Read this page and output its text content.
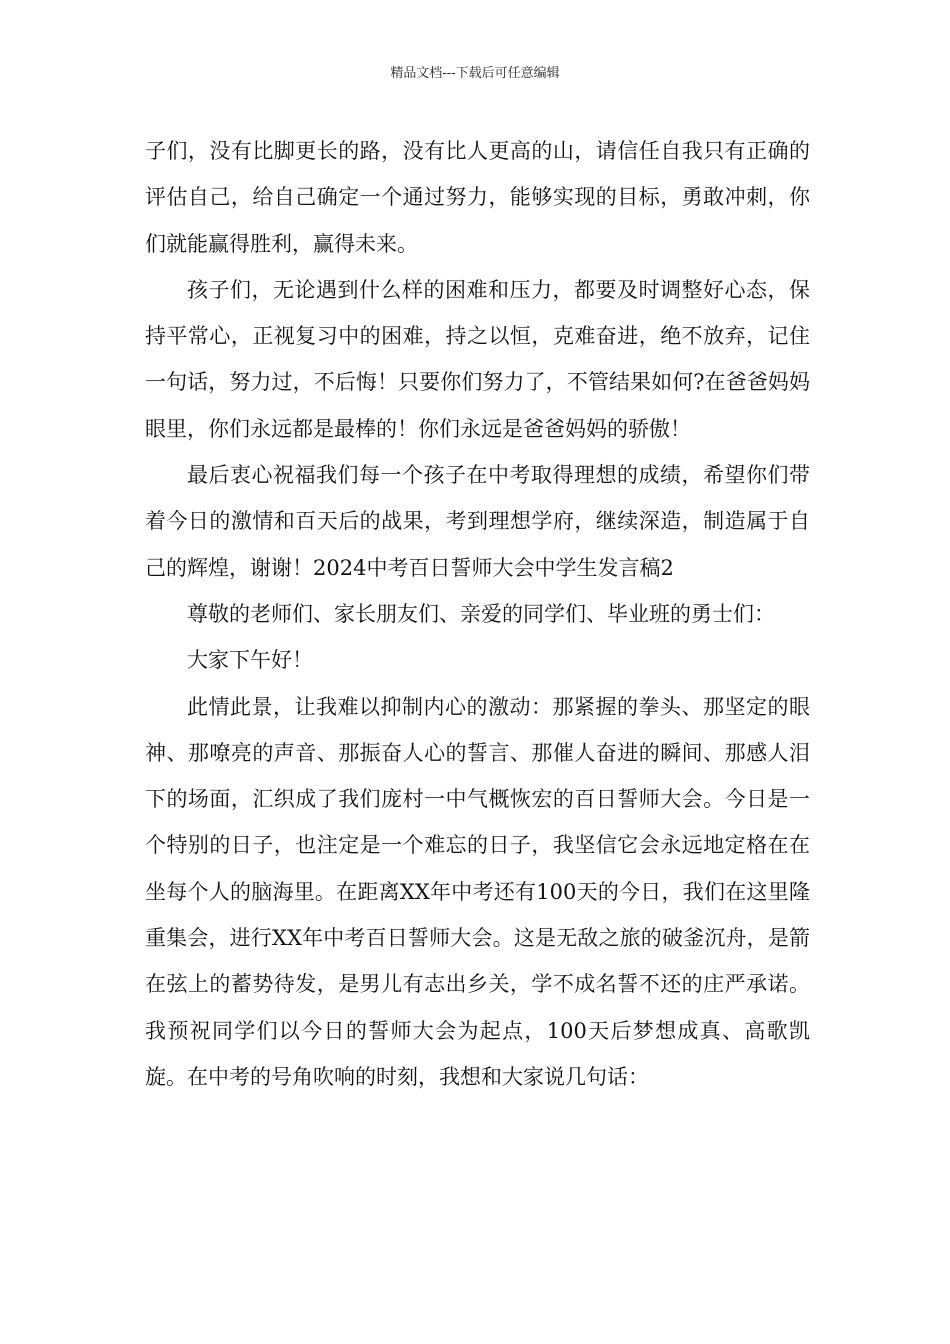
精品文档---下载后可任意编辑

子们，没有比脚更长的路，没有比人更高的山，请信任自我只有正确的评估自己，给自己确定一个通过努力，能够实现的目标，勇敢冲刺，你们就能赢得胜利，赢得未来。

孩子们，无论遇到什么样的困难和压力，都要及时调整好心态，保持平常心，正视复习中的困难，持之以恒，克难奋进，绝不放弃，记住一句话，努力过，不后悔！只要你们努力了，不管结果如何?在爸爸妈妈眼里，你们永远都是最棒的！你们永远是爸爸妈妈的骄傲！

最后衷心祝福我们每一个孩子在中考取得理想的成绩，希望你们带着今日的激情和百天后的战果，考到理想学府，继续深造，制造属于自己的辉煌，谢谢！2024中考百日誓师大会中学生发言稿2

尊敬的老师们、家长朋友们、亲爱的同学们、毕业班的勇士们：

大家下午好！

此情此景，让我难以抑制内心的激动：那紧握的拳头、那坚定的眼神、那嘹亮的声音、那振奋人心的誓言、那催人奋进的瞬间、那感人泪下的场面，汇织成了我们庞村一中气概恢宏的百日誓师大会。今日是一个特别的日子，也注定是一个难忘的日子，我坚信它会永远地定格在在坐每个人的脑海里。在距离XX年中考还有100天的今日，我们在这里隆重集会，进行XX年中考百日誓师大会。这是无敌之旅的破釜沉舟，是箭在弦上的蓄势待发，是男儿有志出乡关，学不成名誓不还的庄严承诺。我预祝同学们以今日的誓师大会为起点，100天后梦想成真、高歌凯旋。在中考的号角吹响的时刻，我想和大家说几句话：
